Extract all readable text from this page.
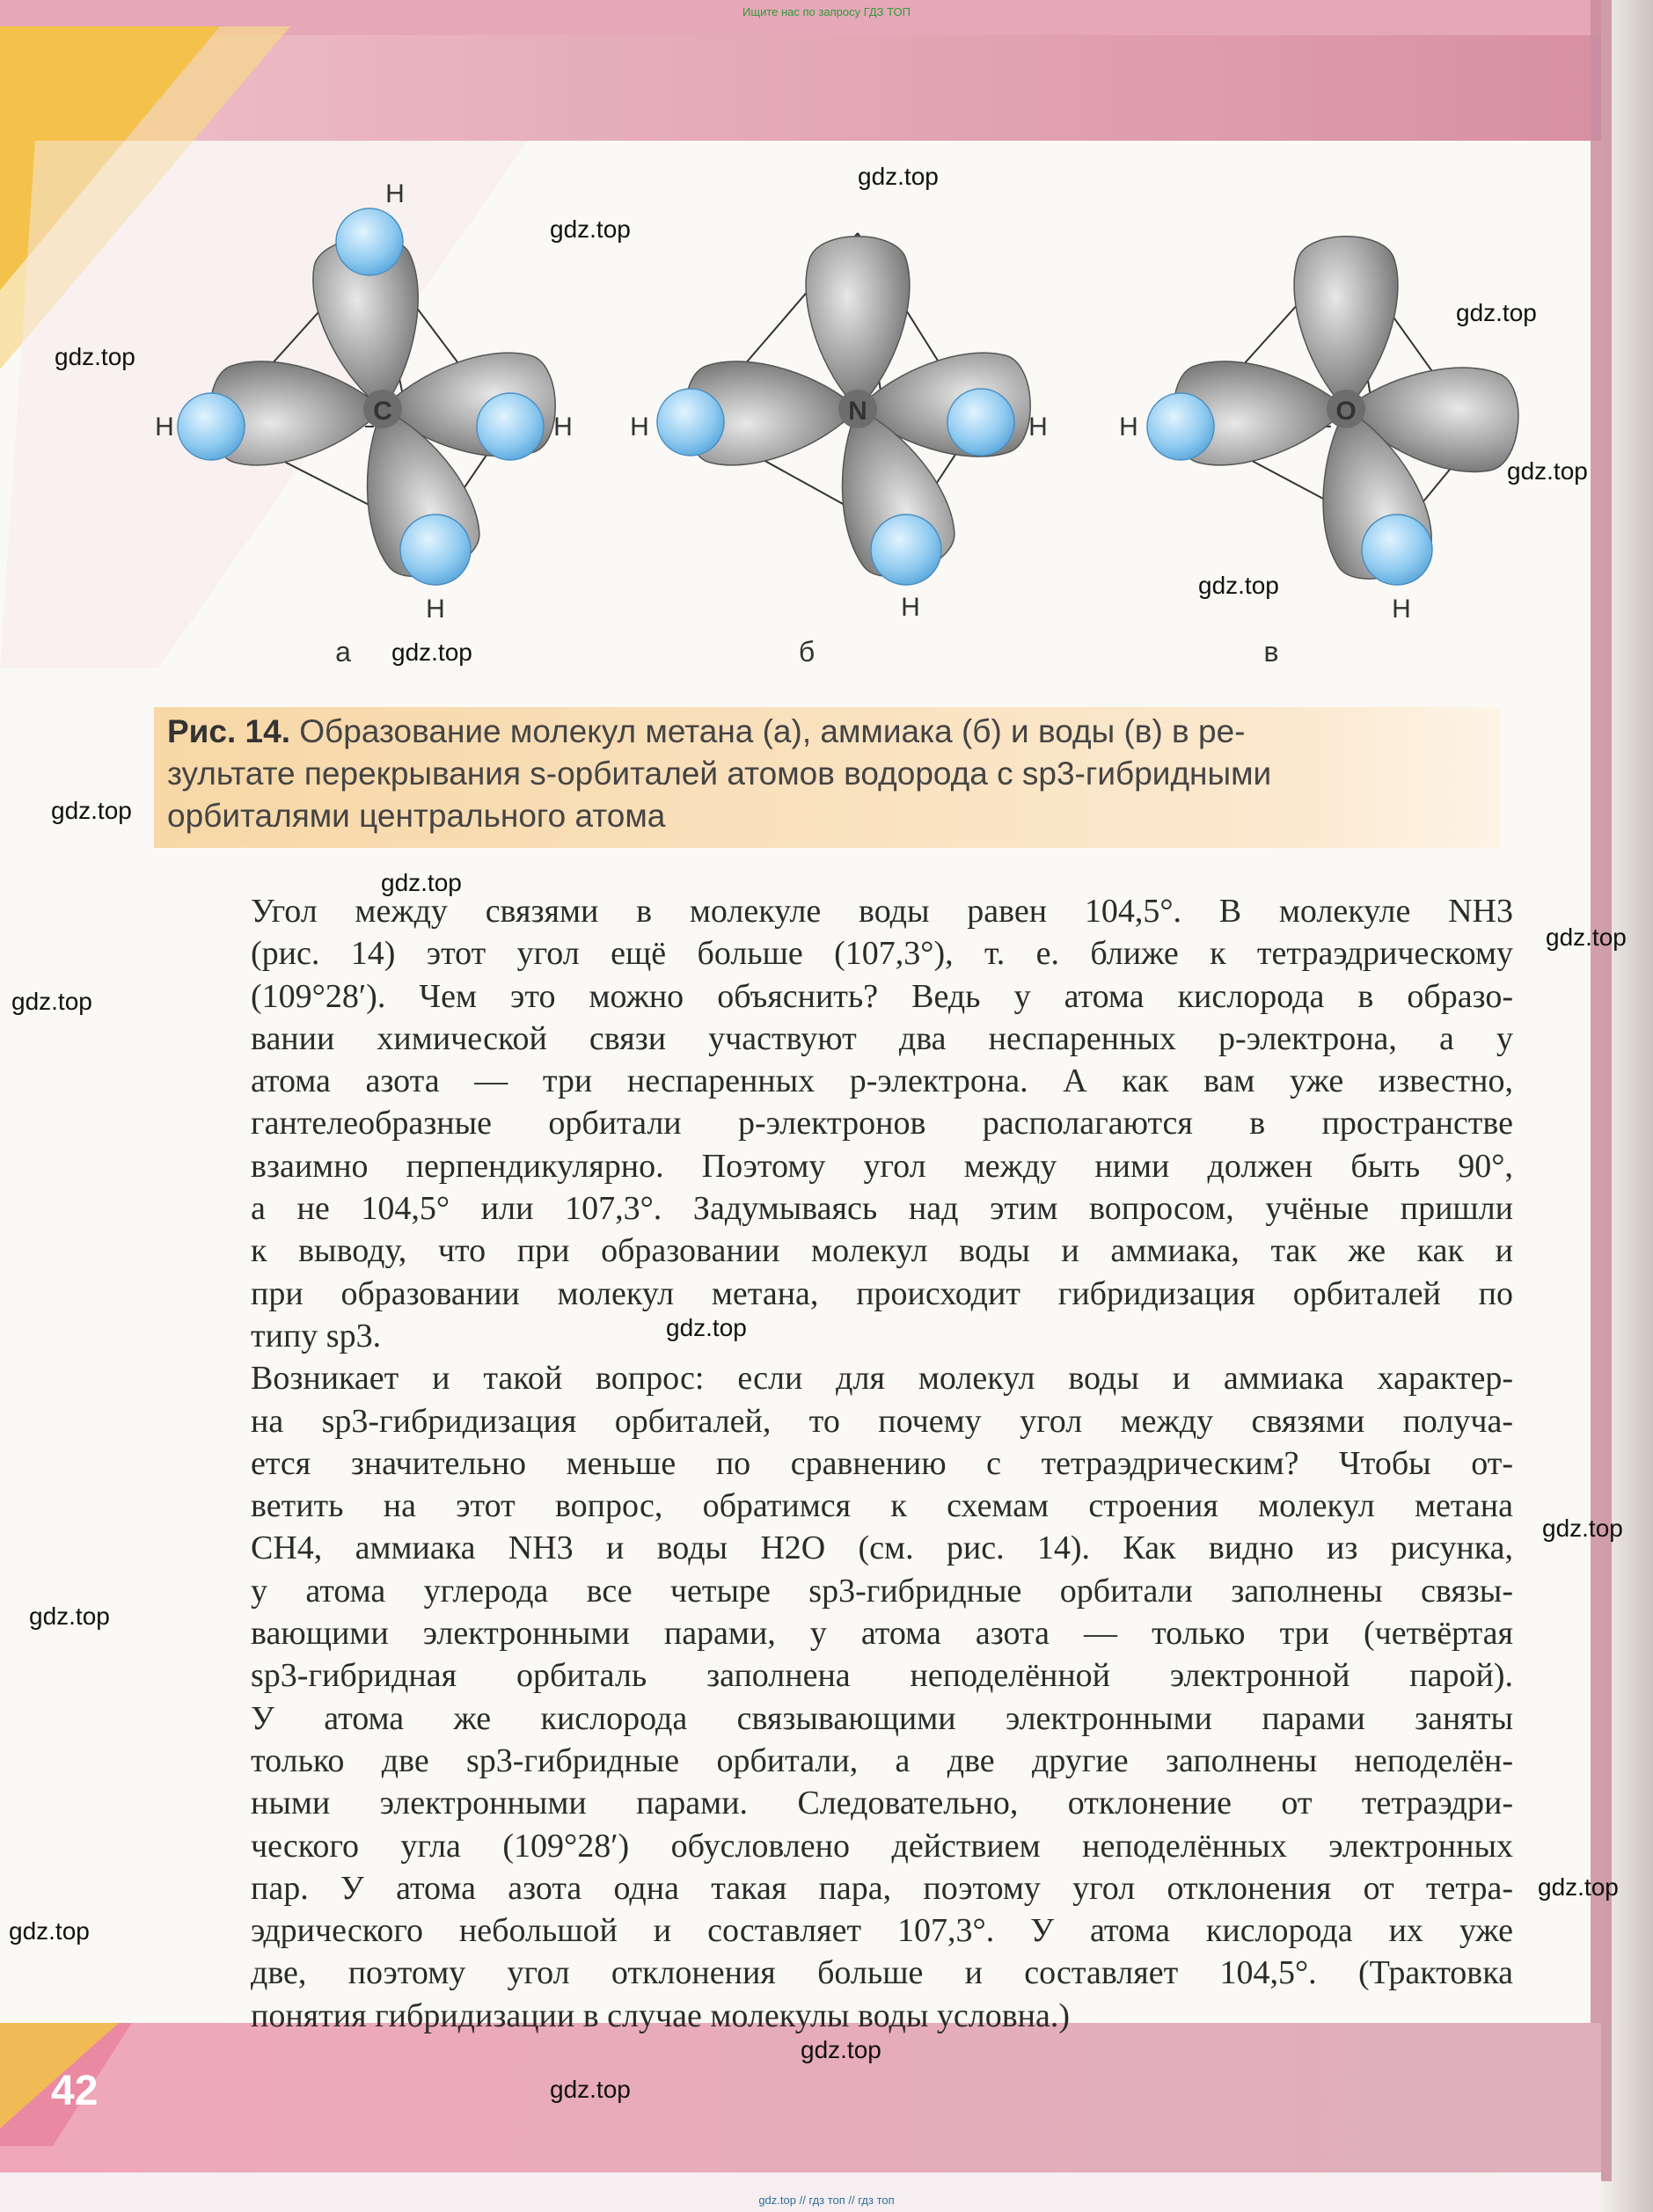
Ищите нас по запросу ГДЗ ТОП
gdz.top // гдз топ // гдз топ
C
H
H	H
H
а
N
H	H
H
б
O
H
H
в
Рис. 14. Образование молекул метана (а), аммиака (б) и воды (в) в ре-
зультате перекрывания s-орбиталей атомов водорода с sp3-гибридными
орбиталями центрального атома
Угол между связями в молекуле воды равен 104,5°. В молекуле NH3
(рис. 14) этот угол ещё больше (107,3°), т. е. ближе к тетраэдрическому
(109°28′). Чем это можно объяснить? Ведь у атома кислорода в образо-
вании химической связи участвуют два неспаренных p-электрона, а у
атома азота — три неспаренных p-электрона. А как вам уже известно,
гантелеобразные орбитали p-электронов располагаются в пространстве
взаимно перпендикулярно. Поэтому угол между ними должен быть 90°,
а не 104,5° или 107,3°. Задумываясь над этим вопросом, учёные пришли
к выводу, что при образовании молекул воды и аммиака, так же как и
при образовании молекул метана, происходит гибридизация орбиталей по
типу sp3.
Возникает и такой вопрос: если для молекул воды и аммиака характер-
на sp3-гибридизация орбиталей, то почему угол между связями получа-
ется значительно меньше по сравнению с тетраэдрическим? Чтобы от-
ветить на этот вопрос, обратимся к схемам строения молекул метана
CH4, аммиака NH3 и воды H2O (см. рис. 14). Как видно из рисунка,
у атома углерода все четыре sp3-гибридные орбитали заполнены связы-
вающими электронными парами, у атома азота — только три (четвёртая
sp3-гибридная орбиталь заполнена неподелённой электронной парой).
У атома же кислорода связывающими электронными парами заняты
только две sp3-гибридные орбитали, а две другие заполнены неподелён-
ными электронными парами. Следовательно, отклонение от тетраэдри-
ческого угла (109°28′) обусловлено действием неподелённых электронных
пар. У атома азота одна такая пара, поэтому угол отклонения от тетра-
эдрического небольшой и составляет 107,3°. У атома кислорода их уже
две, поэтому угол отклонения больше и составляет 104,5°. (Трактовка
понятия гибридизации в случае молекулы воды условна.)
42
gdz.top
gdz.top
gdz.top
gdz.top
gdz.top
gdz.top
gdz.top
gdz.top
gdz.top
gdz.top
gdz.top
gdz.top
gdz.top
gdz.top
gdz.top
gdz.top
gdz.top
gdz.top
